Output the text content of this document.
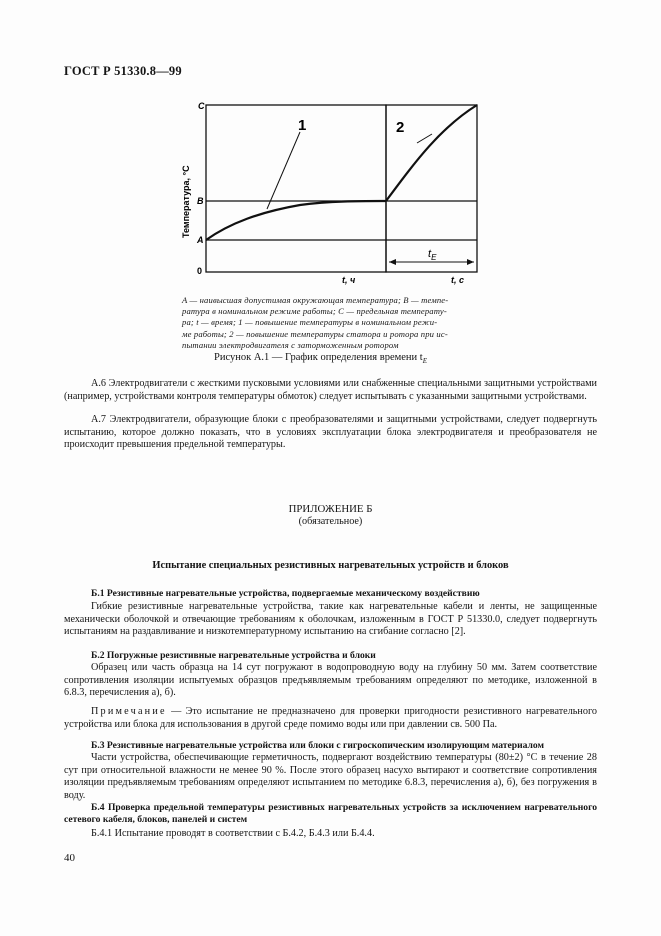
ГОСТ Р 51330.8—99
1	2
$t_E$
C
B
A
0
t, ч	t, с
Температура, °С
A — наивысшая допустимая окружающая температура; B — темпе-
ратура в номинальном режиме работы; C — предельная температу-
ра; t — время; 1 — повышение температуры в номинальном режи-
ме работы; 2 — повышение температуры статора и ротора при ис-
пытании электродвигателя с заторможенным ротором
Рисунок А.1 — График определения времени $t_Е$
А.6 Электродвигатели с жесткими пусковыми условиями или снабженные специальными защитными устройствами (например, устройствами контроля температуры обмоток) следует испытывать с указанными защитными устройствами.
А.7 Электродвигатели, образующие блоки с преобразователями и защитными устройствами, следует подвергнуть испытанию, которое должно показать, что в условиях эксплуатации блока электродвигателя и преобразователя не происходит превышения предельной температуры.
ПРИЛОЖЕНИЕ Б
(обязательное)
Испытание специальных резистивных нагревательных устройств и блоков
Б.1 Резистивные нагревательные устройства, подвергаемые механическому воздействию
Гибкие резистивные нагревательные устройства, такие как нагревательные кабели и ленты, не защищенные механически оболочкой и отвечающие требованиям к оболочкам, изложенным в ГОСТ Р 51330.0, следует подвергнуть испытаниям на раздавливание и низкотемпературному испытанию на сгибание согласно [2].
Б.2 Погружные резистивные нагревательные устройства и блоки
Образец или часть образца на 14 сут погружают в водопроводную воду на глубину 50 мм. Затем соответствие сопротивления изоляции испытуемых образцов предъявляемым требованиям определяют по методике, изложенной в 6.8.3, перечисления а), б).
Примечание — Это испытание не предназначено для проверки пригодности резистивного нагревательного устройства или блока для использования в другой среде помимо воды или при давлении св. 500 Па.
Б.3 Резистивные нагревательные устройства или блоки с гигроскопическим изолирующим материалом
Части устройства, обеспечивающие герметичность, подвергают воздействию температуры (80±2) °С в течение 28 сут при относительной влажности не менее 90 %. После этого образец насухо вытирают и соответствие сопротивления изоляции предъявляемым требованиям определяют испытанием по методике 6.8.3, перечисления а), б), без погружения в воду.
Б.4 Проверка предельной температуры резистивных нагревательных устройств за исключением нагревательного сетевого кабеля, блоков, панелей и систем
Б.4.1 Испытание проводят в соответствии с Б.4.2, Б.4.3 или Б.4.4.
40
